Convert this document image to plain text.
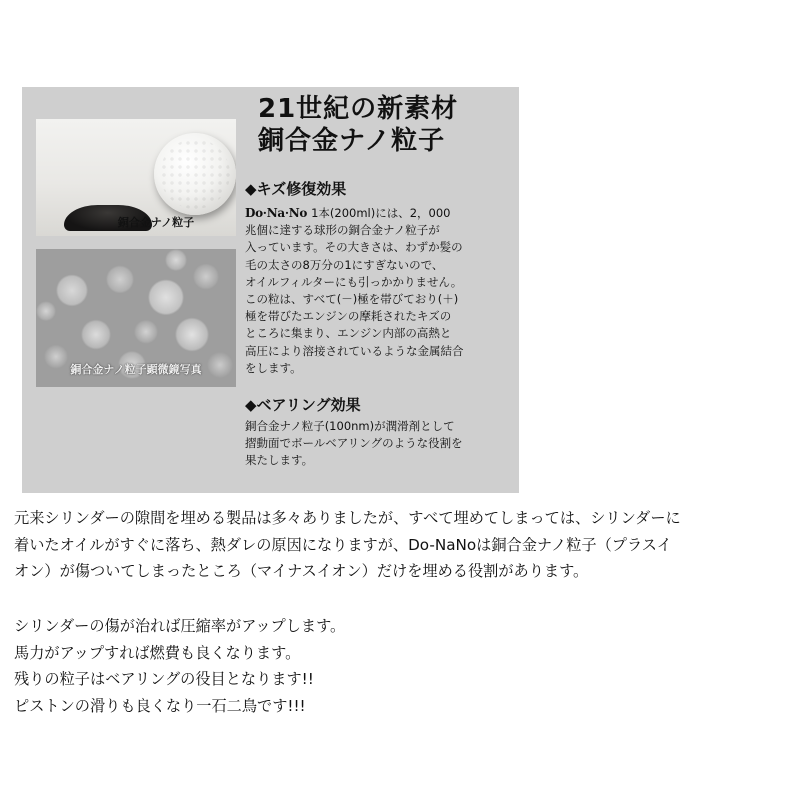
銅合金ナノ粒子
銅合金ナノ粒子顕微鏡写真
21世紀の新素材
銅合金ナノ粒子
◆キズ修復効果
Do·Na·No 1本(200ml)には、2，000
兆個に達する球形の銅合金ナノ粒子が
入っています。その大きさは、わずか髪の
毛の太さの8万分の1にすぎないので、
オイルフィルターにも引っかかりません。
この粒は、すべて(－)極を帯びており(＋)
極を帯びたエンジンの摩耗されたキズの
ところに集まり、エンジン内部の高熱と
高圧により溶接されているような金属結合
をします。
◆ベアリング効果
銅合金ナノ粒子(100nm)が潤滑剤として
摺動面でボールベアリングのような役割を
果たします。
元来シリンダーの隙間を埋める製品は多々ありましたが、すべて埋めてしまっては、シリンダーに
着いたオイルがすぐに落ち、熱ダレの原因になりますが、Do-NaNoは銅合金ナノ粒子（プラスイ
オン）が傷ついてしまったところ（マイナスイオン）だけを埋める役割があります。
シリンダーの傷が治れば圧縮率がアップします。
馬力がアップすれば燃費も良くなります。
残りの粒子はベアリングの役目となります!!
ピストンの滑りも良くなり一石二鳥です!!!
